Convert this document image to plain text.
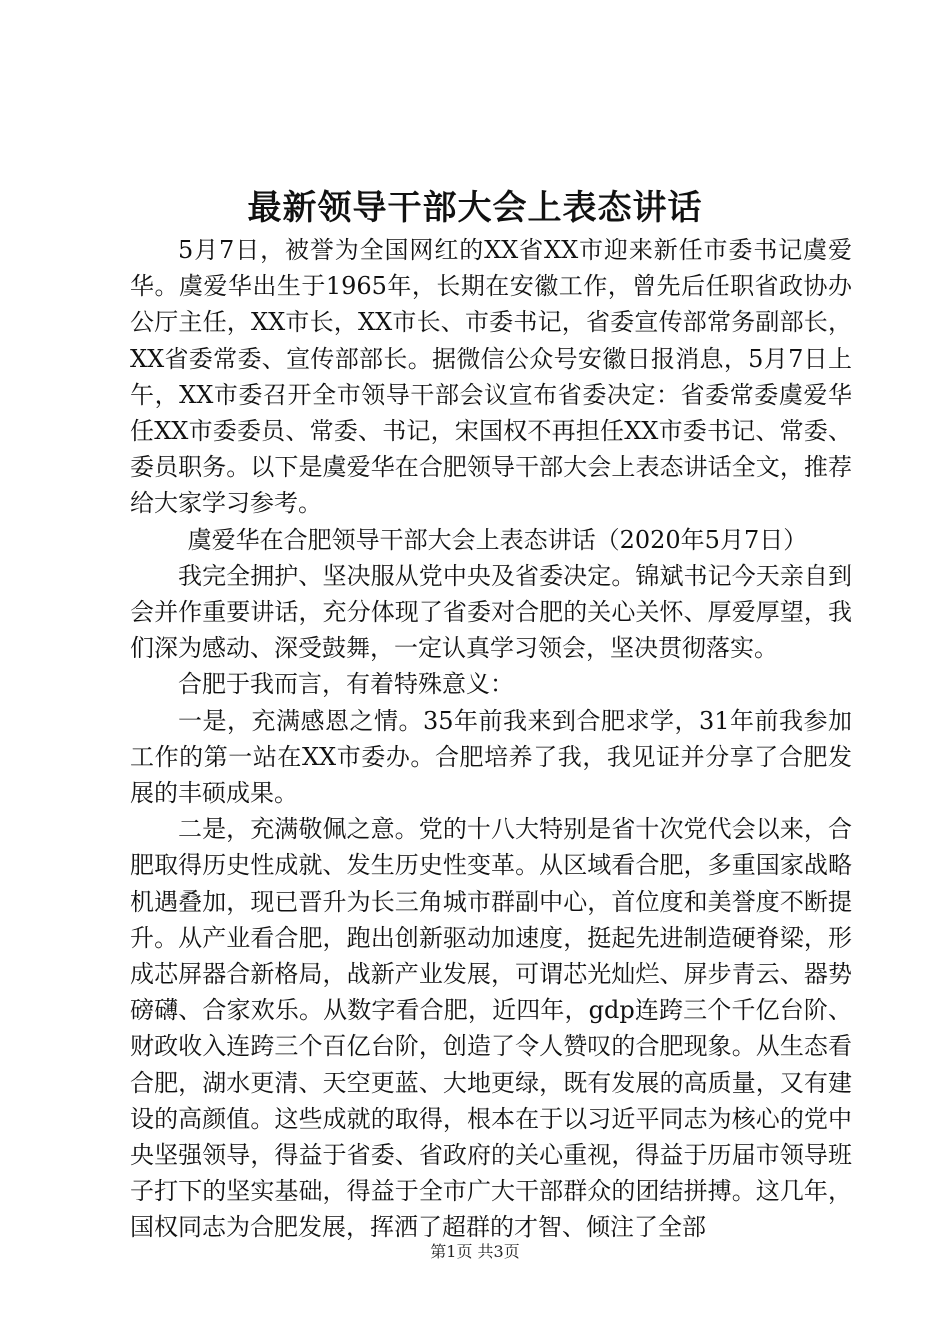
最新领导干部大会上表态讲话

5月7日，被誉为全国网红的XX省XX市迎来新任市委书记虞爱华。虞爱华出生于1965年，长期在安徽工作，曾先后任职省政协办公厅主任，XX市长，XX市长、市委书记，省委宣传部常务副部长，XX省委常委、宣传部部长。据微信公众号安徽日报消息，5月7日上午，XX市委召开全市领导干部会议宣布省委决定：省委常委虞爱华任XX市委委员、常委、书记，宋国权不再担任XX市委书记、常委、委员职务。以下是虞爱华在合肥领导干部大会上表态讲话全文，推荐给大家学习参考。

虞爱华在合肥领导干部大会上表态讲话（2020年5月7日）

我完全拥护、坚决服从党中央及省委决定。锦斌书记今天亲自到会并作重要讲话，充分体现了省委对合肥的关心关怀、厚爱厚望，我们深为感动、深受鼓舞，一定认真学习领会，坚决贯彻落实。

合肥于我而言，有着特殊意义：

一是，充满感恩之情。35年前我来到合肥求学，31年前我参加工作的第一站在XX市委办。合肥培养了我，我见证并分享了合肥发展的丰硕成果。

二是，充满敬佩之意。党的十八大特别是省十次党代会以来，合肥取得历史性成就、发生历史性变革。从区域看合肥，多重国家战略机遇叠加，现已晋升为长三角城市群副中心，首位度和美誉度不断提升。从产业看合肥，跑出创新驱动加速度，挺起先进制造硬脊梁，形成芯屏器合新格局，战新产业发展，可谓芯光灿烂、屏步青云、器势磅礴、合家欢乐。从数字看合肥，近四年，gdp连跨三个千亿台阶、财政收入连跨三个百亿台阶，创造了令人赞叹的合肥现象。从生态看合肥，湖水更清、天空更蓝、大地更绿，既有发展的高质量，又有建设的高颜值。这些成就的取得，根本在于以习近平同志为核心的党中央坚强领导，得益于省委、省政府的关心重视，得益于历届市领导班子打下的坚实基础，得益于全市广大干部群众的团结拼搏。这几年，国权同志为合肥发展，挥洒了超群的才智、倾注了全部

第1页 共3页
